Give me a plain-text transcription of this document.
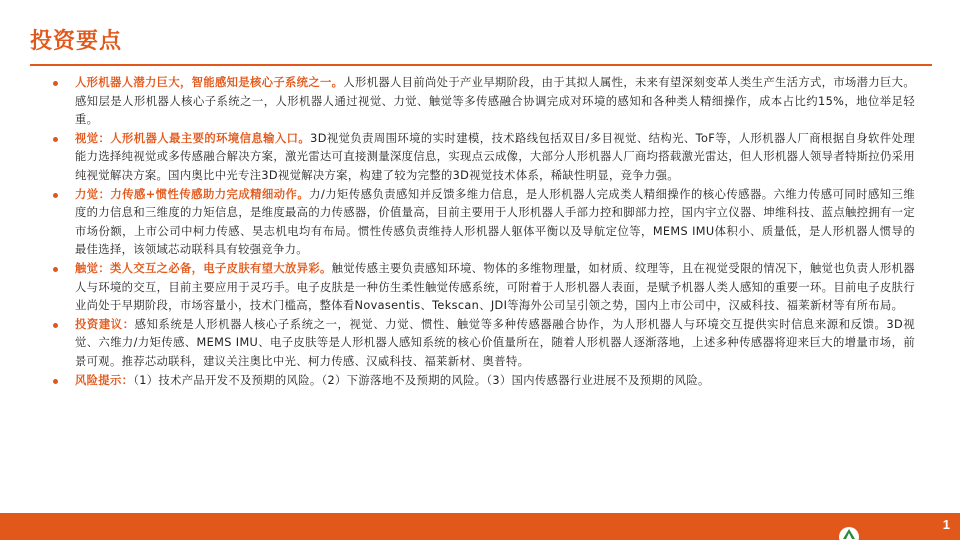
投资要点
人形机器人潜力巨大，智能感知是核心子系统之一。人形机器人目前尚处于产业早期阶段，由于其拟人属性，未来有望深刻变革人类生产生活方式，市场潜力巨大。感知层是人形机器人核心子系统之一，人形机器人通过视觉、力觉、触觉等多传感融合协调完成对环境的感知和各种类人精细操作，成本占比约15%，地位举足轻重。
视觉：人形机器人最主要的环境信息输入口。3D视觉负责周围环境的实时建模，技术路线包括双目/多目视觉、结构光、ToF等，人形机器人厂商根据自身软件处理能力选择纯视觉或多传感融合解决方案，激光雷达可直接测量深度信息，实现点云成像，大部分人形机器人厂商均搭载激光雷达，但人形机器人领导者特斯拉仍采用纯视觉解决方案。国内奥比中光专注3D视觉解决方案，构建了较为完整的3D视觉技术体系，稀缺性明显，竞争力强。
力觉：力传感+惯性传感助力完成精细动作。力/力矩传感负责感知并反馈多维力信息，是人形机器人完成类人精细操作的核心传感器。六维力传感可同时感知三维度的力信息和三维度的力矩信息，是维度最高的力传感器，价值量高，目前主要用于人形机器人手部力控和脚部力控，国内宇立仪器、坤维科技、蓝点触控拥有一定市场份额，上市公司中柯力传感、昊志机电均有布局。惯性传感负责维持人形机器人躯体平衡以及导航定位等，MEMS IMU体积小、质量低，是人形机器人惯导的最佳选择，该领域芯动联科具有较强竞争力。
触觉：类人交互之必备，电子皮肤有望大放异彩。触觉传感主要负责感知环境、物体的多维物理量，如材质、纹理等，且在视觉受限的情况下，触觉也负责人形机器人与环境的交互，目前主要应用于灵巧手。电子皮肤是一种仿生柔性触觉传感系统，可附着于人形机器人表面，是赋予机器人类人感知的重要一环。目前电子皮肤行业尚处于早期阶段，市场容量小，技术门槛高，整体看Novasentis、Tekscan、JDI等海外公司呈引领之势，国内上市公司中，汉威科技、福莱新材等有所布局。
投资建议：感知系统是人形机器人核心子系统之一，视觉、力觉、惯性、触觉等多种传感器融合协作，为人形机器人与环境交互提供实时信息来源和反馈。3D视觉、六维力/力矩传感、MEMS IMU、电子皮肤等是人形机器人感知系统的核心价值量所在，随着人形机器人逐渐落地，上述多种传感器将迎来巨大的增量市场，前景可观。推荐芯动联科，建议关注奥比中光、柯力传感、汉威科技、福莱新材、奥普特。
风险提示：（1）技术产品开发不及预期的风险。（2）下游落地不及预期的风险。（3）国内传感器行业进展不及预期的风险。
1
